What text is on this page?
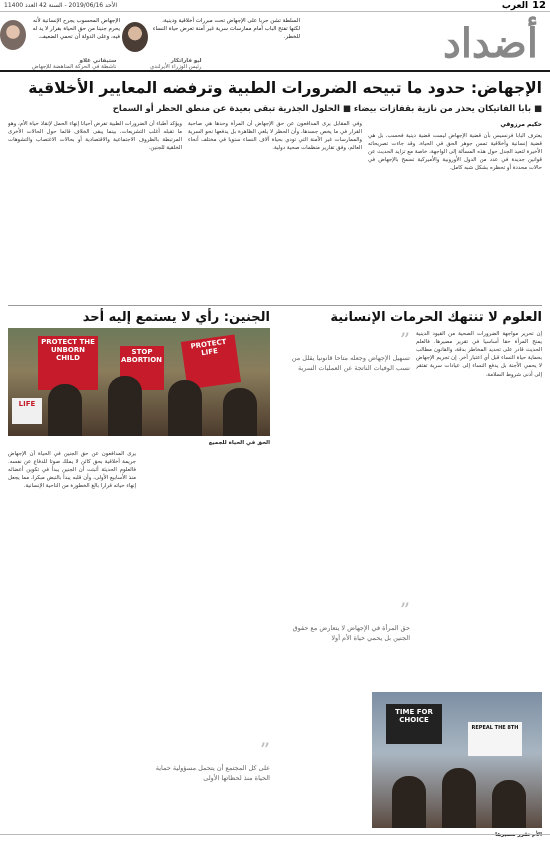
12
العرب
الأحد 2019/06/16 - السنة 42 العدد 11400
أضداد
السلطة تشن حربا على الإجهاض تحت مبررات أخلاقية ودينية، لكنها تفتح الباب أمام ممارسات سرية غير آمنة تعرض حياة النساء للخطر.
ليو فاراتكار
رئيس الوزراء الأيرلندي
الإجهاض المحسوب يجرح الإنسانية لأنه يحرم جنينا من حق الحياة بقرار لا يد له فيه، وعلى الدولة أن تحمي الضعيف.
ستيفاني غلاو
ناشطة في الحركة المناهضة للإجهاض
الإجهاض: حدود ما تبيحه الضرورات الطبية وترفضه المعايير الأخلاقية
■ بابا الفاتيكان يحذر من نازية بقفازات بيضاء ■ الحلول الجذرية تبقى بعيدة عن منطق الحظر أو السماح
حكيم مرزوقي

يعترف البابا فرنسيس بأن قضية الإجهاض ليست قضية دينية فحسب، بل هي قضية إنسانية وأخلاقية تمس جوهر الحق في الحياة. وقد جاءت تصريحاته الأخيرة لتعيد الجدل حول هذه المسألة إلى الواجهة، خاصة مع تزايد الحديث عن قوانين جديدة في عدد من الدول الأوروبية والأميركية تسمح بالإجهاض في حالات محددة أو تحظره بشكل شبه كامل.

وفي المقابل يرى المدافعون عن حق الإجهاض أن المرأة وحدها هي صاحبة القرار في ما يخص جسدها، وأن الحظر لا يلغي الظاهرة بل يدفعها نحو السرية والممارسات غير الآمنة التي تودي بحياة آلاف النساء سنويا في مختلف أنحاء العالم، وفق تقارير منظمات صحية دولية.

ويؤكد أطباء أن الضرورات الطبية تفرض أحيانا إنهاء الحمل لإنقاذ حياة الأم، وهو ما تقبله أغلب التشريعات، بينما يبقى الخلاف قائما حول الحالات الأخرى المرتبطة بالظروف الاجتماعية والاقتصادية أو بحالات الاغتصاب والتشوهات الخلقية للجنين.

العلوم لا تنتهك الحرمات الإنسانية

إن تحرير مواجهة الضرورات الصحية من القيود الدينية يمنح المرأة حقا أساسيا في تقرير مصيرها. فالعلم الحديث قادر على تحديد المخاطر بدقة، والقانون مطالب بحماية حياة النساء قبل أي اعتبار آخر. إن تجريم الإجهاض لا يحمي الأجنة بل يدفع النساء إلى عيادات سرية تفتقر إلى أدنى شروط السلامة.

”
تسهيل الإجهاض وجعله متاحا قانونيا يقلل من نسب الوفيات الناتجة عن العمليات السرية
”
حق المرأة في الإجهاض لا يتعارض مع حقوق الجنين بل يحمي حياة الأم أولا
TIME FOR CHOICE
REPEAL THE 8TH
الأم تقرر مصيرها
الجنين: رأي لا يستمع إليه أحد
PROTECT THE UNBORN CHILD
STOP ABORTION
PROTECT LIFE
LIFE
الحق في الحياة للجميع

يرى المدافعون عن حق الجنين في الحياة أن الإجهاض جريمة أخلاقية بحق كائن لا يملك صوتا للدفاع عن نفسه. فالعلوم الحديثة أثبتت أن الجنين يبدأ في تكوين أعضائه منذ الأسابيع الأولى، وأن قلبه يبدأ بالنبض مبكرا، مما يجعل إنهاء حياته قرارا بالغ الخطورة من الناحية الإنسانية.

”
على كل المجتمع أن يتحمل مسؤولية حماية الحياة منذ لحظاتها الأولى
